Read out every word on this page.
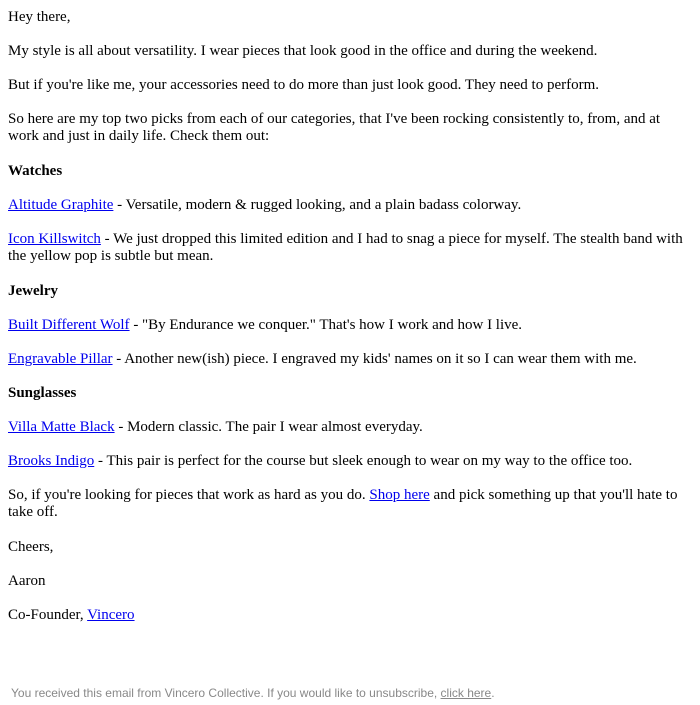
Hey there,

My style is all about versatility. I wear pieces that look good in the office and during the weekend.

But if you're like me, your accessories need to do more than just look good. They need to perform.

So here are my top two picks from each of our categories, that I've been rocking consistently to, from, and at work and just in daily life. Check them out:

Watches

Altitude Graphite - Versatile, modern & rugged looking, and a plain badass colorway.

Icon Killswitch - We just dropped this limited edition and I had to snag a piece for myself. The stealth band with the yellow pop is subtle but mean.

Jewelry

Built Different Wolf - "By Endurance we conquer." That's how I work and how I live.

Engravable Pillar - Another new(ish) piece. I engraved my kids' names on it so I can wear them with me.

Sunglasses

Villa Matte Black - Modern classic. The pair I wear almost everyday.

Brooks Indigo - This pair is perfect for the course but sleek enough to wear on my way to the office too.

So, if you're looking for pieces that work as hard as you do. Shop here and pick something up that you'll hate to take off.

Cheers,

Aaron

Co-Founder, Vincero

You received this email from Vincero Collective. If you would like to unsubscribe, click here.
